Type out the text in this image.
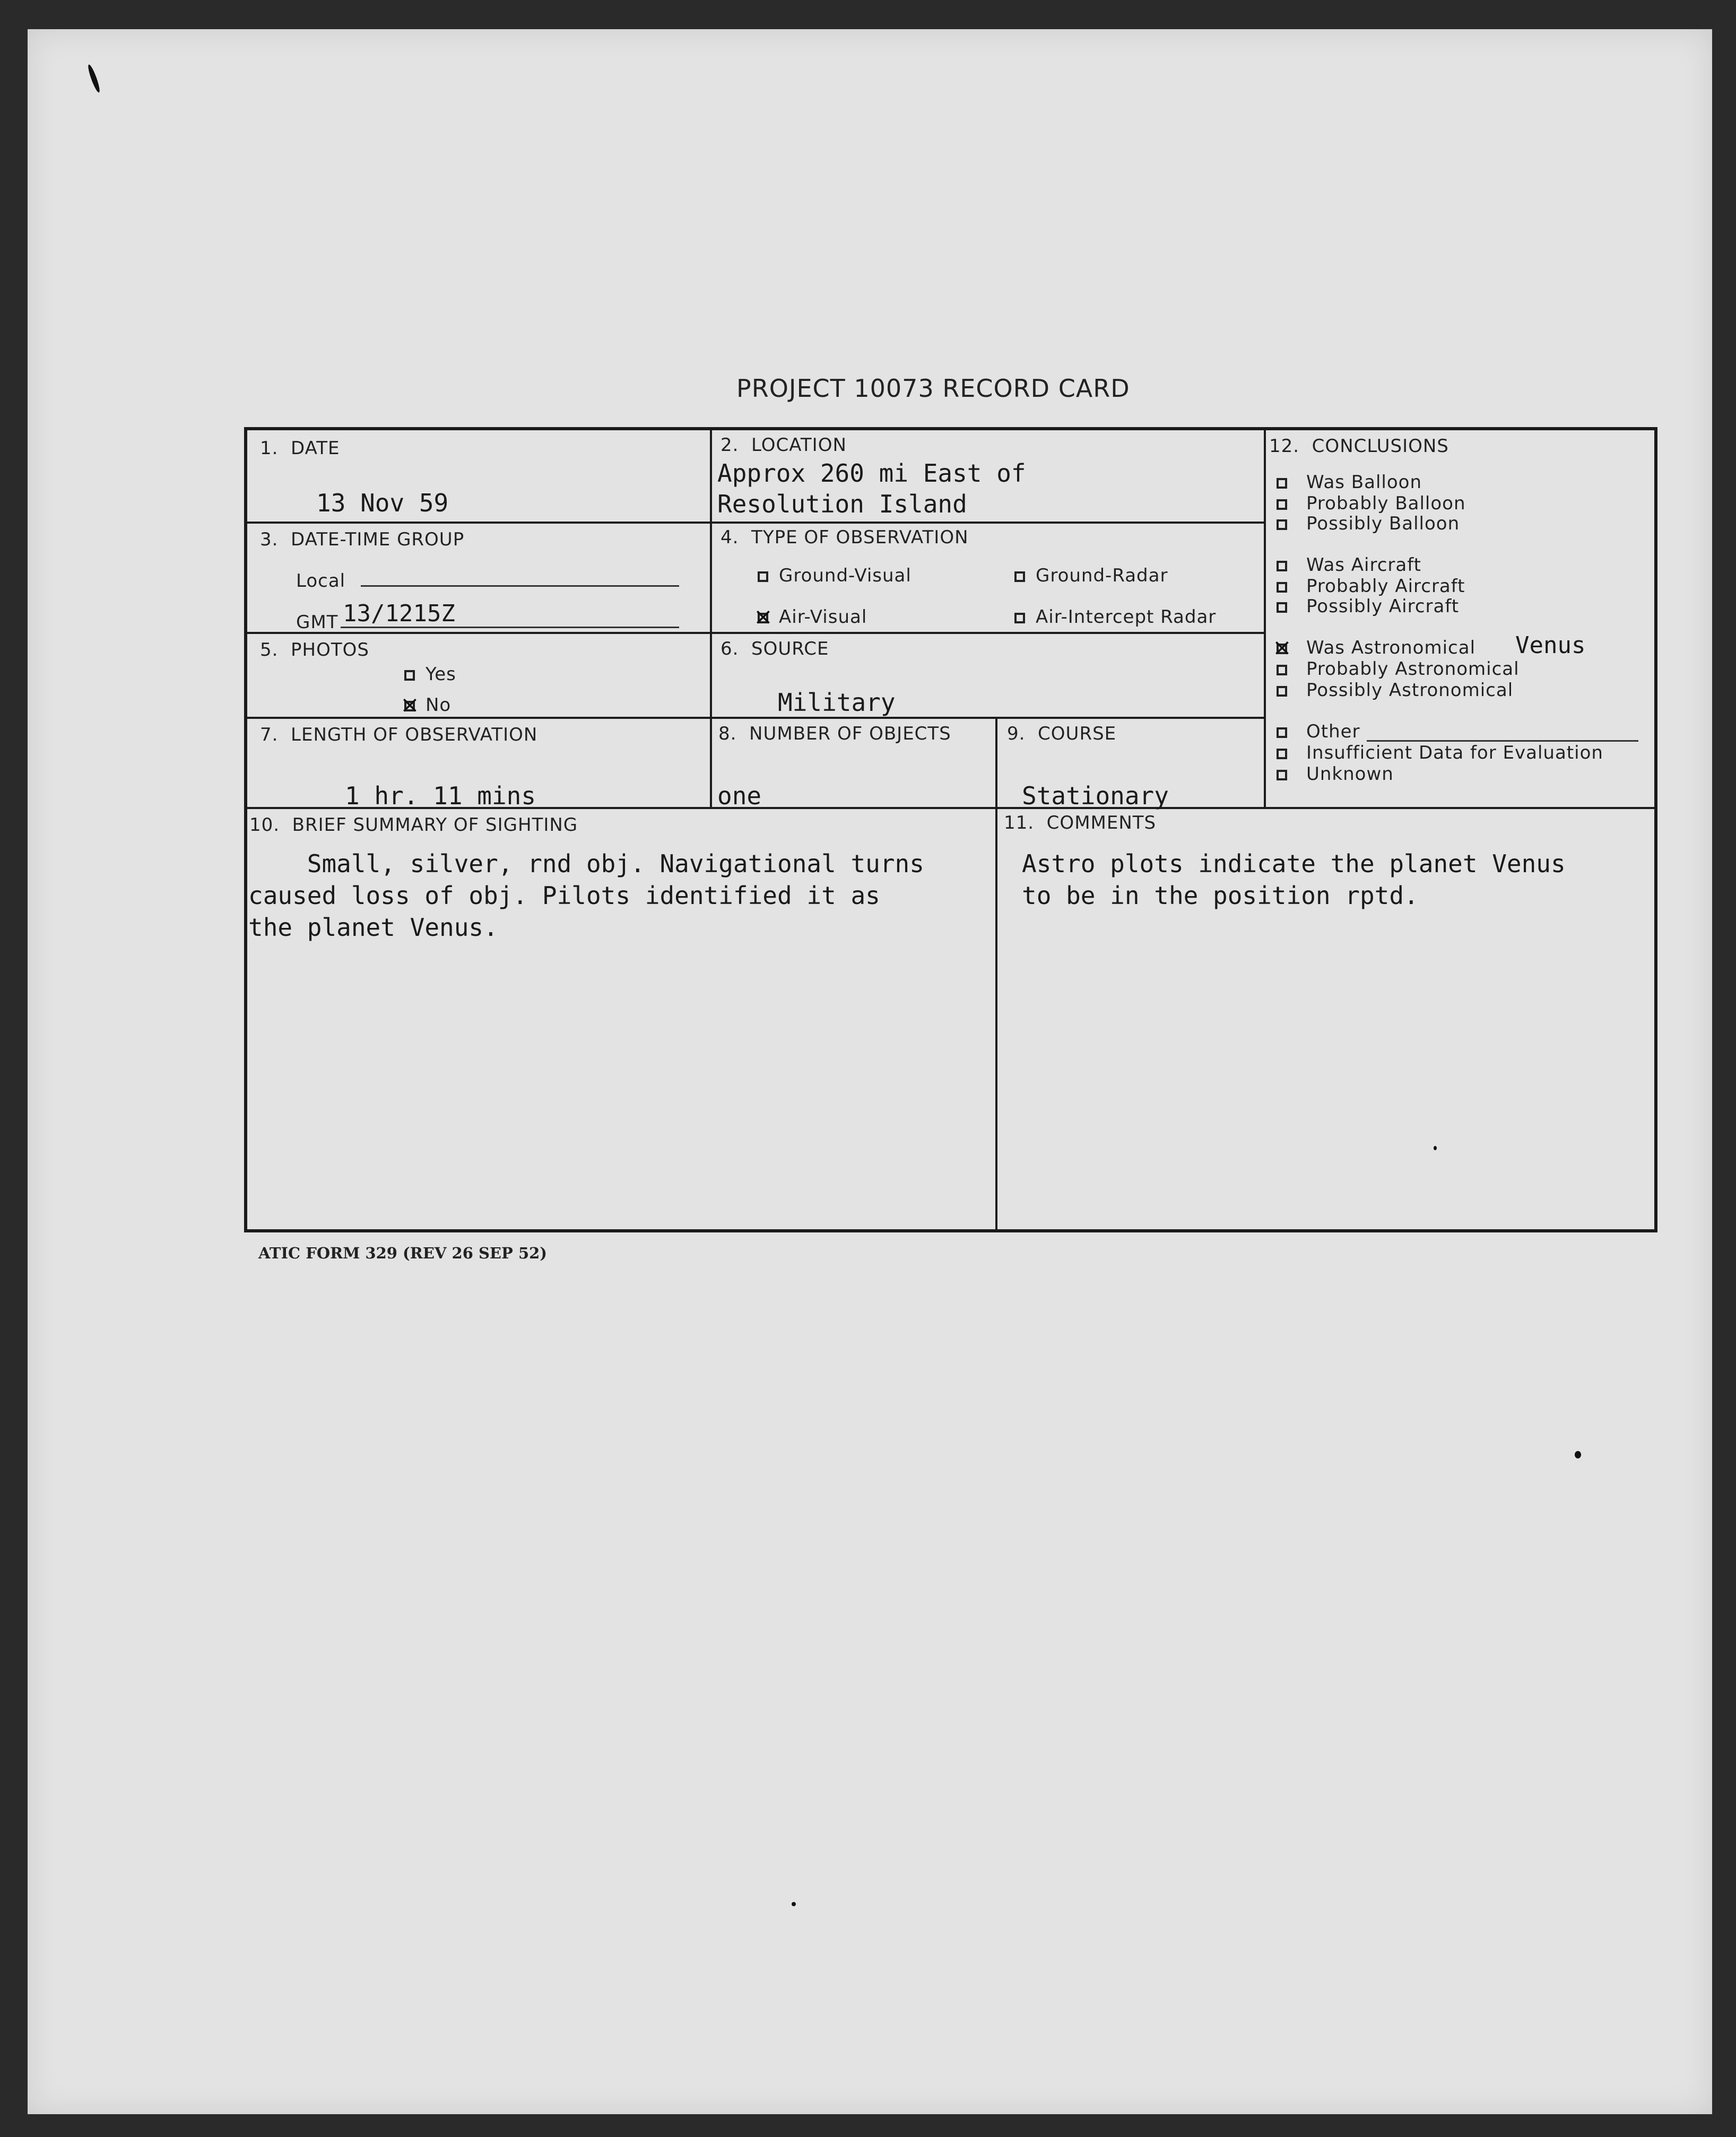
PROJECT 10073 RECORD CARD
1.  DATE
13 Nov 59
2.  LOCATION
Approx 260 mi East of
Resolution Island
3.  DATE-TIME GROUP
Local
GMT 13/1215Z
4.  TYPE OF OBSERVATION
Ground-Visual	Ground-Radar
×
Air-Visual	Air-Intercept Radar
5.  PHOTOS
Yes
×
No
6.  SOURCE
Military
7.  LENGTH OF OBSERVATION
1 hr. 11 mins
8.  NUMBER OF OBJECTS
one
9.  COURSE
Stationary
10.  BRIEF SUMMARY OF SIGHTING
Small, silver, rnd obj. Navigational turns
caused loss of obj. Pilots identified it as
the planet Venus.
11.  COMMENTS
Astro plots indicate the planet Venus
to be in the position rptd.
12.  CONCLUSIONS
Was Balloon
Probably Balloon
Possibly Balloon
Was Aircraft
Probably Aircraft
Possibly Aircraft
×
Was Astronomical Venus
Probably Astronomical
Possibly Astronomical
Other
Insufficient Data for Evaluation
Unknown
ATIC FORM 329 (REV 26 SEP 52)
